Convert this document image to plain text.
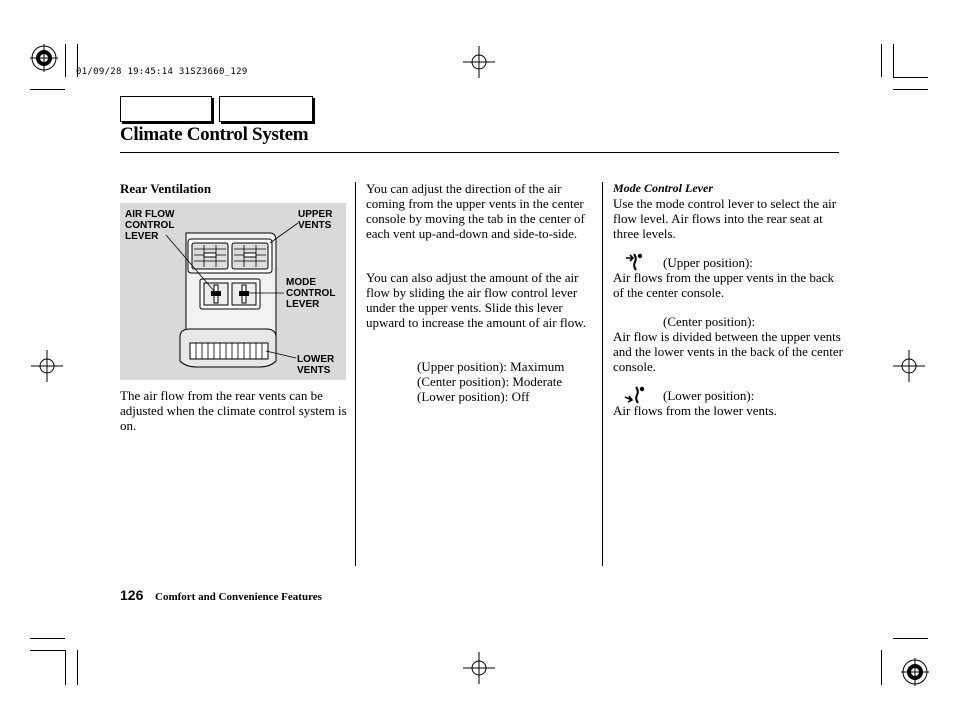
01/09/28 19:45:14 31SZ3660_129
Climate Control System
Rear Ventilation
AIR FLOW
CONTROL
LEVER
UPPER
VENTS
MODE
CONTROL
LEVER
LOWER
VENTS
The air flow from the rear vents can be adjusted when the climate control system is on.
You can adjust the direction of the air coming from the upper vents in the center console by moving the tab in the center of each vent up-and-down and side-to-side.
You can also adjust the amount of the air flow by sliding the air flow control lever under the upper vents. Slide this lever upward to increase the amount of air flow.
(Upper position): Maximum
(Center position): Moderate
(Lower position): Off
Mode Control Lever
Use the mode control lever to select the air flow level. Air flows into the rear seat at three levels.
(Upper position):
Air flows from the upper vents in the back of the center console.
(Center position):
Air flow is divided between the upper vents and the lower vents in the back of the center console.
(Lower position):
Air flows from the lower vents.
126 Comfort and Convenience Features
